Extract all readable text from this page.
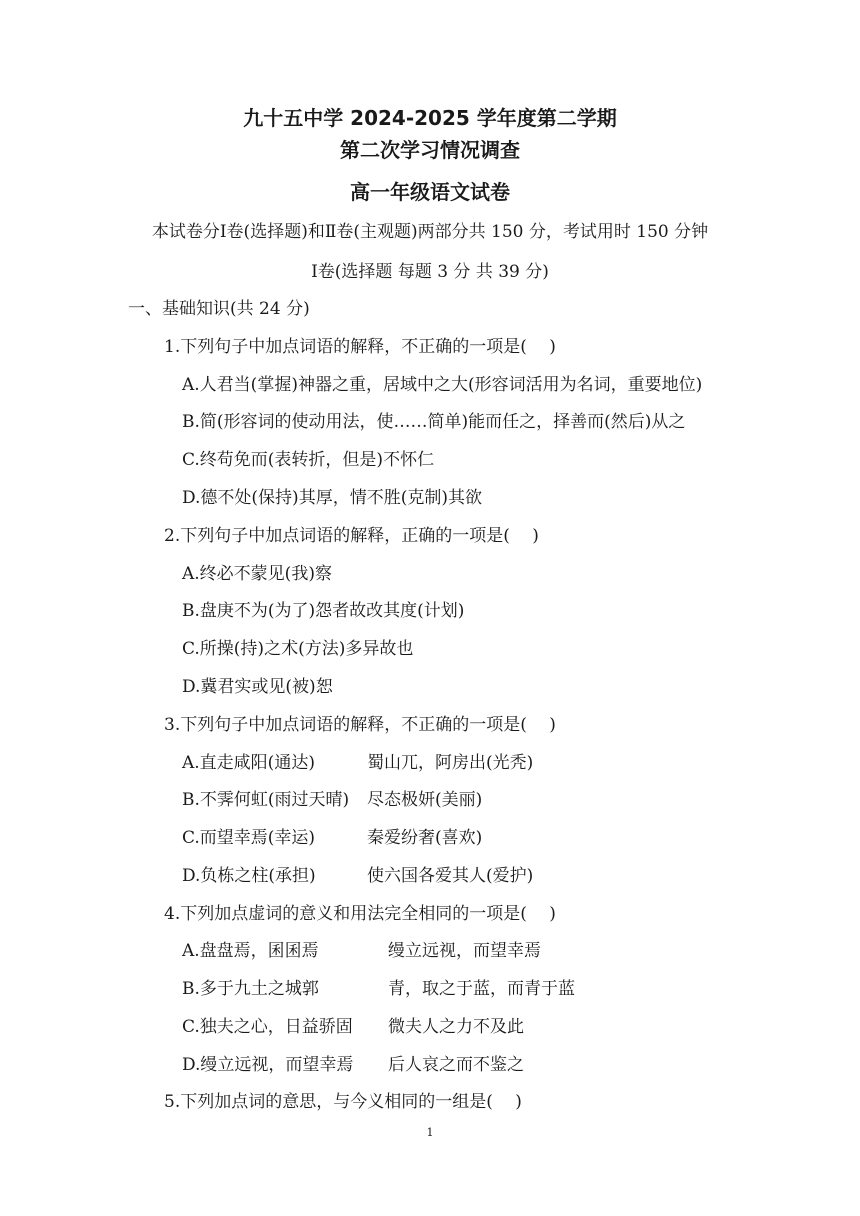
九十五中学 2024-2025 学年度第二学期
第二次学习情况调查
高一年级语文试卷
本试卷分Ⅰ卷(选择题)和Ⅱ卷(主观题)两部分共 150 分，考试用时 150 分钟
Ⅰ卷(选择题 每题 3 分 共 39 分)
一、基础知识(共 24 分)
1.下列句子中加点词语的解释，不正确的一项是(　 )
A.人君当(掌握)神器之重，居域中之大(形容词活用为名词，重要地位)
B.简(形容词的使动用法，使……简单)能而任之，择善而(然后)从之
C.终苟免而(表转折，但是)不怀仁
D.德不处(保持)其厚，情不胜(克制)其欲
2.下列句子中加点词语的解释，正确的一项是(　 )
A.终必不蒙见(我)察
B.盘庚不为(为了)怨者故改其度(计划)
C.所操(持)之术(方法)多异故也
D.冀君实或见(被)恕
3.下列句子中加点词语的解释，不正确的一项是(　 )
A.直走咸阳(通达)	蜀山兀，阿房出(光秃)
B.不霁何虹(雨过天晴) 尽态极妍(美丽)
C.而望幸焉(幸运)	秦爱纷奢(喜欢)
D.负栋之柱(承担)	使六国各爱其人(爱护)
4.下列加点虚词的意义和用法完全相同的一项是(　 )
A.盘盘焉，囷囷焉	缦立远视，而望幸焉
B.多于九土之城郭	青，取之于蓝，而青于蓝
C.独夫之心，日益骄固 微夫人之力不及此
D.缦立远视，而望幸焉 后人哀之而不鉴之
5.下列加点词的意思，与今义相同的一组是(　 )
1
